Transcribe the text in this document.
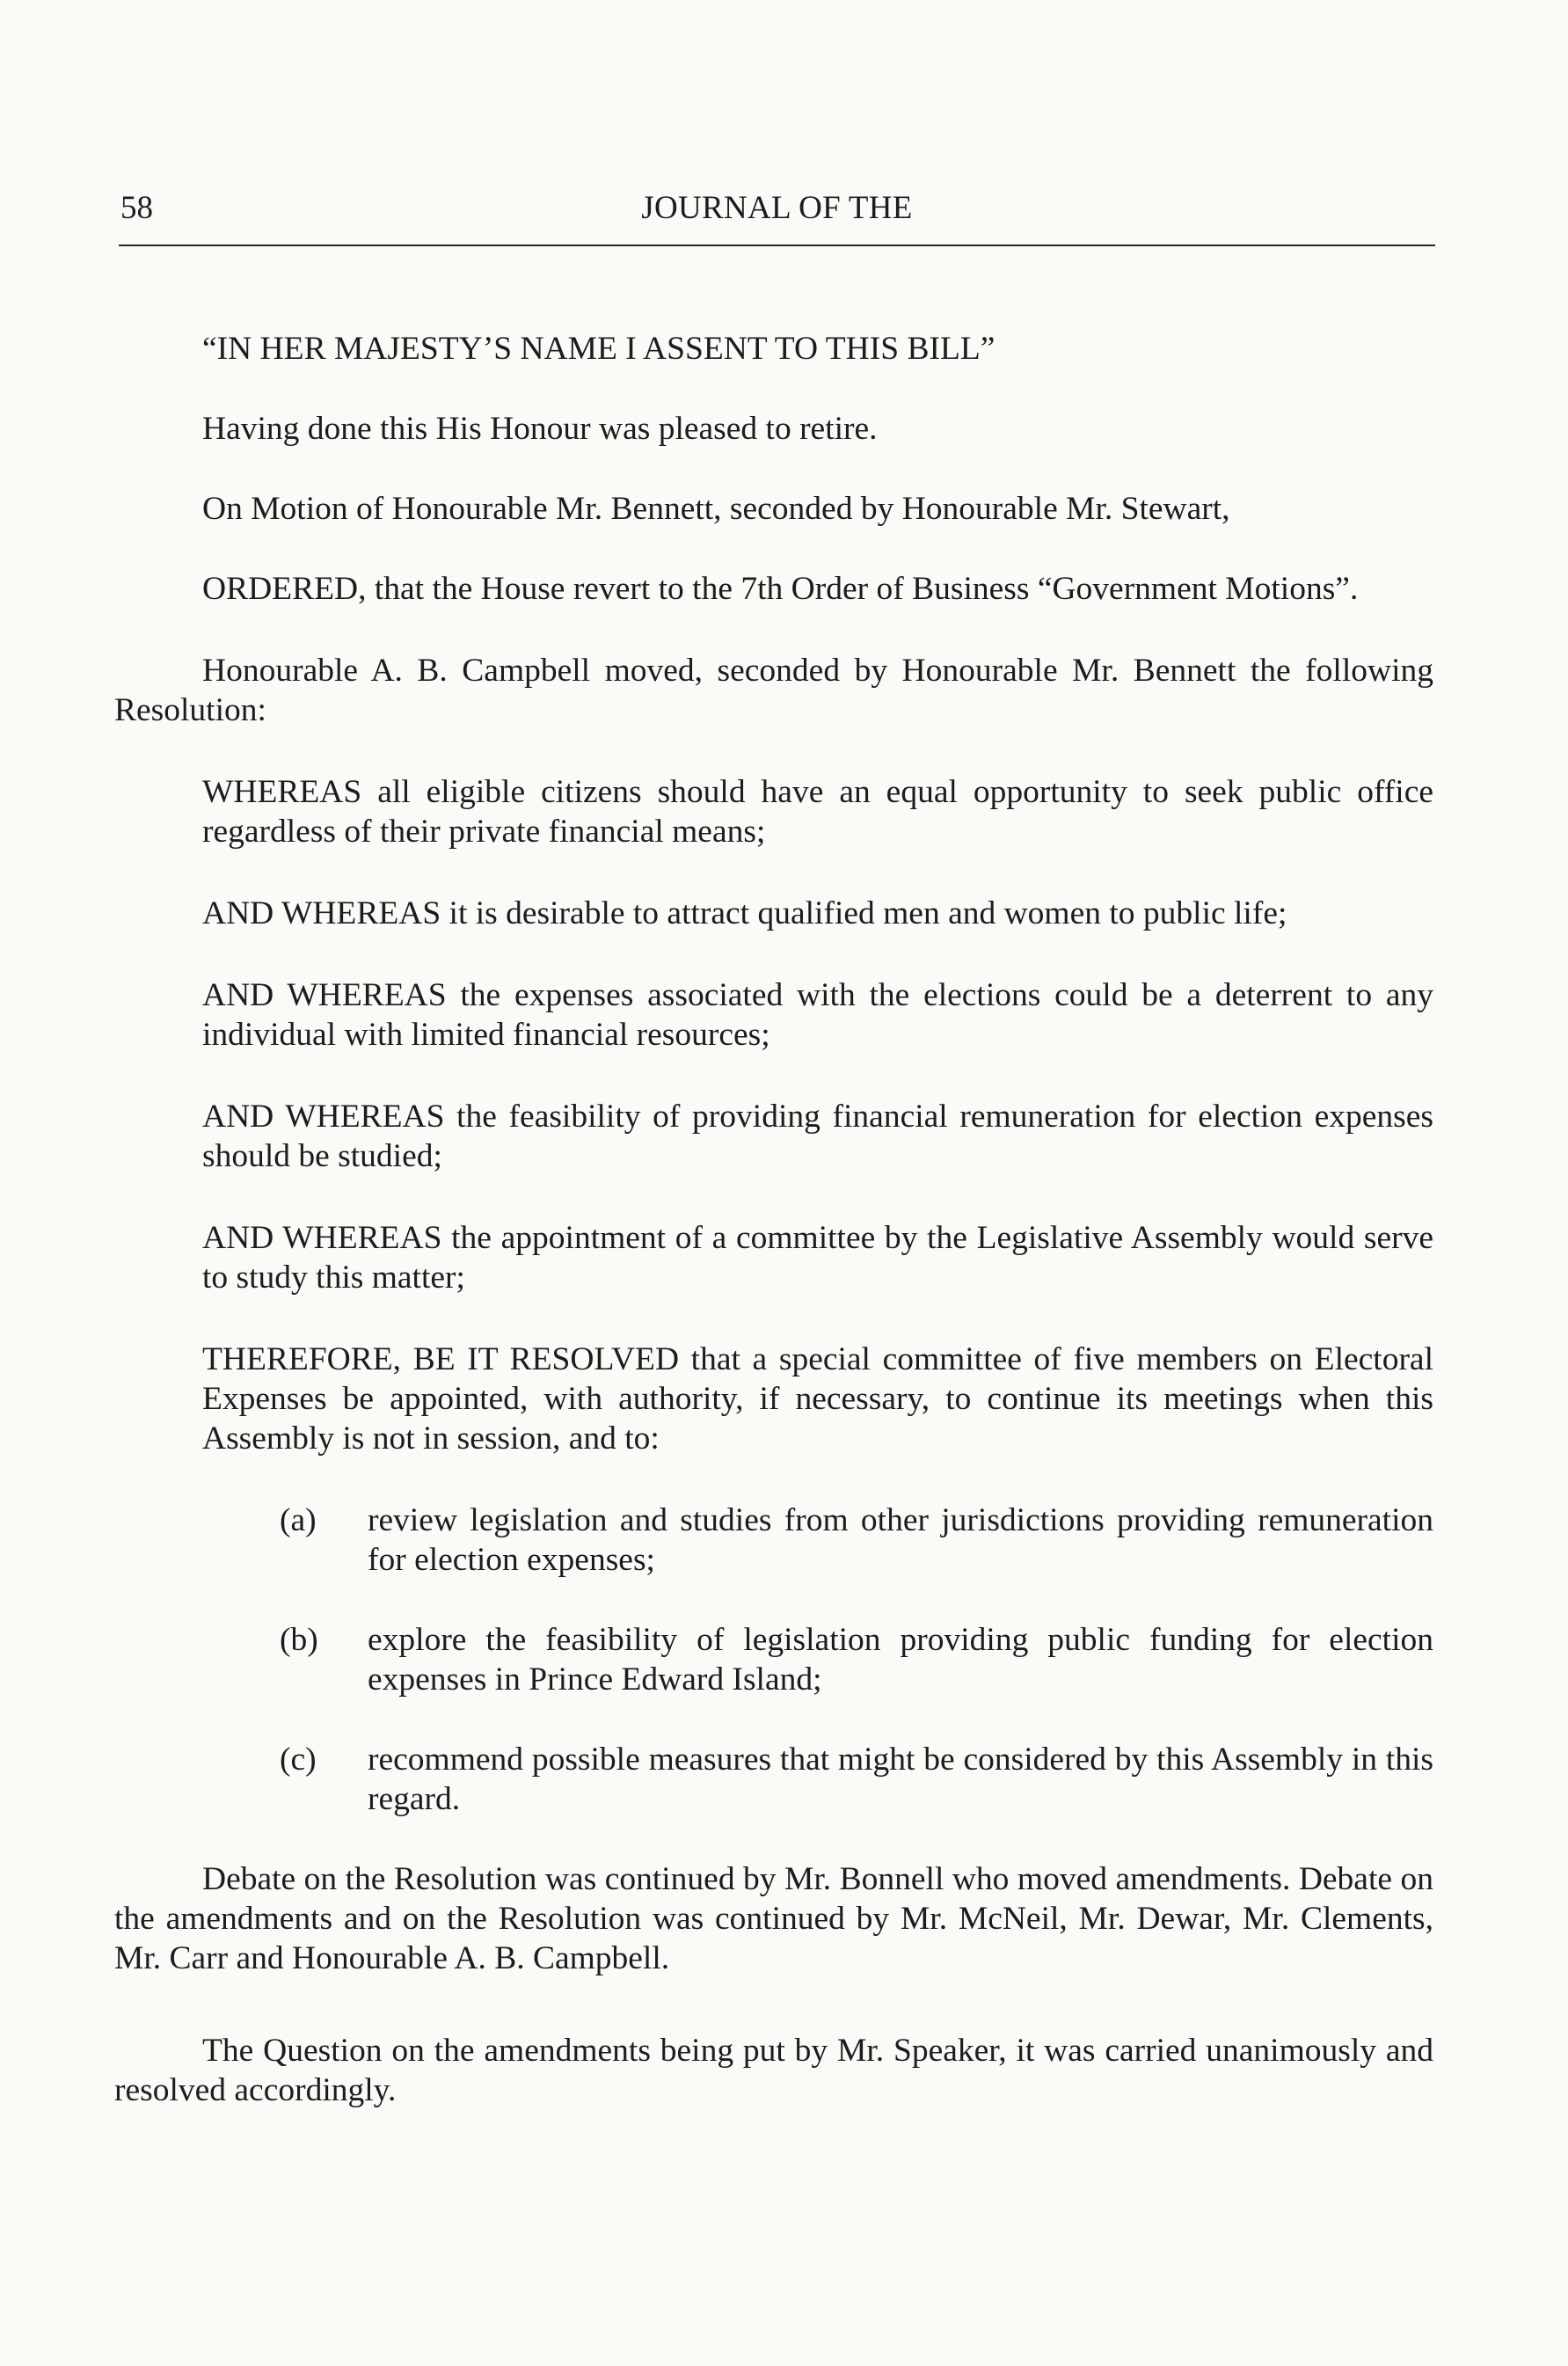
58	JOURNAL OF THE

“IN HER MAJESTY’S NAME I ASSENT TO THIS BILL”

Having done this His Honour was pleased to retire.

On Motion of Honourable Mr. Bennett, seconded by Honourable Mr. Stewart,

ORDERED, that the House revert to the 7th Order of Business “Government Motions”.

Honourable A. B. Campbell moved, seconded by Honourable Mr. Bennett the following Resolution:

WHEREAS all eligible citizens should have an equal opportunity to seek public office regardless of their private financial means;

AND WHEREAS it is desirable to attract qualified men and women to public life;

AND WHEREAS the expenses associated with the elections could be a deterrent to any individual with limited financial resources;

AND WHEREAS the feasibility of providing financial remuneration for election expenses should be studied;

AND WHEREAS the appointment of a committee by the Legislative Assembly would serve to study this matter;

THEREFORE, BE IT RESOLVED that a special committee of five members on Electoral Expenses be appointed, with authority, if necessary, to continue its meetings when this Assembly is not in session, and to:

(a)	review legislation and studies from other jurisdictions providing remuneration for election expenses;
(b)	explore the feasibility of legislation providing public funding for election expenses in Prince Edward Island;
(c)	recommend possible measures that might be considered by this Assembly in this regard.

Debate on the Resolution was continued by Mr. Bonnell who moved amendments. Debate on the amendments and on the Resolution was continued by Mr. McNeil, Mr. Dewar, Mr. Clements, Mr. Carr and Honourable A. B. Campbell.

The Question on the amendments being put by Mr. Speaker, it was carried unanimously and resolved accordingly.
